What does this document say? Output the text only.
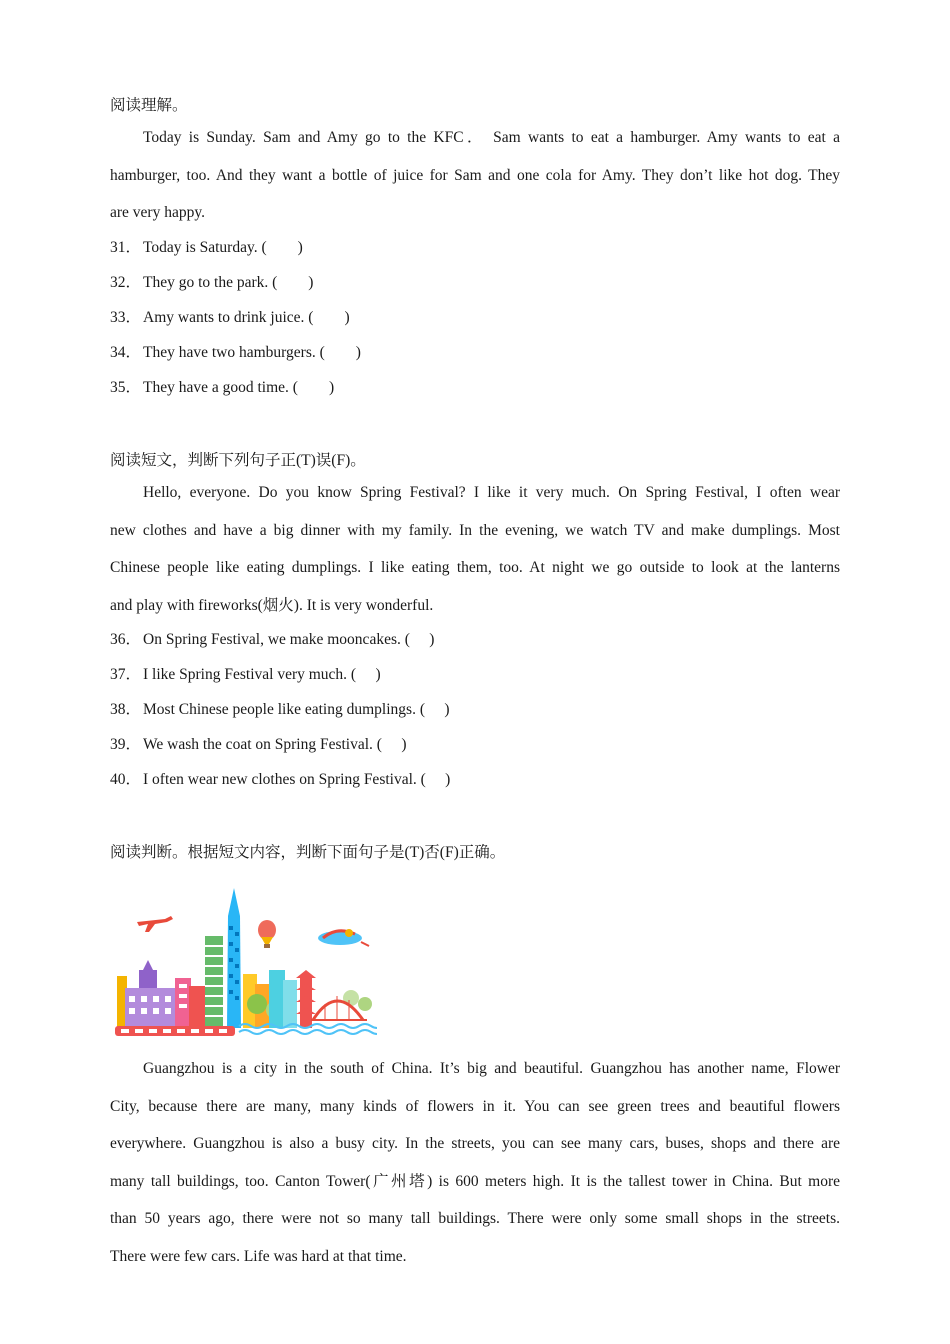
阅读理解。
Today is Sunday. Sam and Amy go to the KFC． Sam wants to eat a hamburger. Amy wants to eat a
hamburger, too. And they want a bottle of juice for Sam and one cola for Amy. They don’t like hot dog. They
are very happy.
31． Today is Saturday. (　　)
32． They go to the park. (　　)
33． Amy wants to drink juice. (　　)
34． They have two hamburgers. (　　)
35． They have a good time. (　　)
阅读短文，判断下列句子正(T)误(F)。
Hello, everyone. Do you know Spring Festival? I like it very much. On Spring Festival, I often wear
new clothes and have a big dinner with my family. In the evening, we watch TV and make dumplings. Most
Chinese people like eating dumplings. I like eating them, too. At night we go outside to look at the lanterns
and play with fireworks(烟火). It is very wonderful.
36． On Spring Festival, we make mooncakes. (　 )
37． I like Spring Festival very much. (　 )
38． Most Chinese people like eating dumplings. (　 )
39． We wash the coat on Spring Festival. (　 )
40． I often wear new clothes on Spring Festival. (　 )
阅读判断。根据短文内容，判断下面句子是(T)否(F)正确。
Guangzhou is a city in the south of China. It’s big and beautiful. Guangzhou has another name, Flower
City, because there are many, many kinds of flowers in it. You can see green trees and beautiful flowers
everywhere. Guangzhou is also a busy city. In the streets, you can see many cars, buses, shops and there are
many tall buildings, too. Canton Tower(广州塔) is 600 meters high. It is the tallest tower in China. But more
than 50 years ago, there were not so many tall buildings. There were only some small shops in the streets.
There were few cars. Life was hard at that time.
